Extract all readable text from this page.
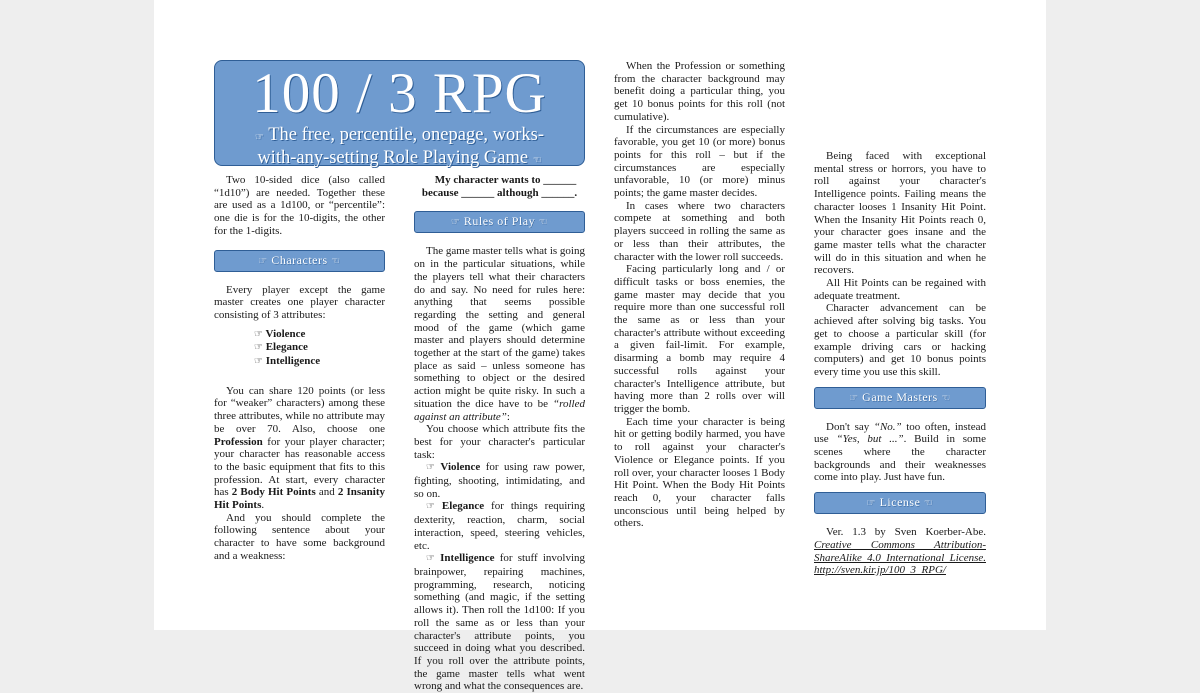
100 / 3 RPG
☞ The free, percentile, onepage, works-
with-any-setting Role Playing Game ☜

Two 10-sided dice (also called “1d10”) are needed. Together these are used as a 1d100, or “percentile”: one die is for the 10-digits, the other for the 1-digits.

☞ Characters ☜

Every player except the game master creates one player character consisting of 3 attributes:

☞ Violence
☞ Elegance
☞ Intelligence

You can share 120 points (or less for “weaker” characters) among these three attributes, while no attribute may be over 70. Also, choose one Profession for your player character; your character has reasonable access to the basic equipment that fits to this profession. At start, every character has 2 Body Hit Points and 2 Insanity Hit Points.

And you should complete the following sentence about your character to have some background and a weakness:

My character wants to ______ because ______ although ______.

☞ Rules of Play ☜

The game master tells what is going on in the particular situations, while the players tell what their characters do and say. No need for rules here: anything that seems possible regarding the setting and general mood of the game (which game master and players should determine together at the start of the game) takes place as said – unless someone has something to object or the desired action might be quite risky. In such a situation the dice have to be “rolled against an attribute”:

You choose which attribute fits the best for your character's particular task:

☞ Violence for using raw power, fighting, shooting, intimidating, and so on.

☞ Elegance for things requiring dexterity, reaction, charm, social interaction, speed, steering vehicles, etc.

☞ Intelligence for stuff involving brainpower, repairing machines, programming, research, noticing something (and magic, if the setting allows it). Then roll the 1d100: If you roll the same as or less than your character's attribute points, you succeed in doing what you described. If you roll over the attribute points, the game master tells what went wrong and what the consequences are.

When the Profession or something from the character background may benefit doing a particular thing, you get 10 bonus points for this roll (not cumulative).

If the circumstances are especially favorable, you get 10 (or more) bonus points for this roll – but if the circumstances are especially unfavorable, 10 (or more) minus points; the game master decides.

In cases where two characters compete at something and both players succeed in rolling the same as or less than their attributes, the character with the lower roll succeeds.

Facing particularly long and / or difficult tasks or boss enemies, the game master may decide that you require more than one successful roll the same as or less than your character's attribute without exceeding a given fail-limit. For example, disarming a bomb may require 4 successful rolls against your character's Intelligence attribute, but having more than 2 rolls over will trigger the bomb.

Each time your character is being hit or getting bodily harmed, you have to roll against your character's Violence or Elegance points. If you roll over, your character looses 1 Body Hit Point. When the Body Hit Points reach 0, your character falls unconscious until being helped by others.

Being faced with exceptional mental stress or horrors, you have to roll against your character's Intelligence points. Failing means the character looses 1 Insanity Hit Point. When the Insanity Hit Points reach 0, your character goes insane and the game master tells what the character will do in this situation and when he recovers.

All Hit Points can be regained with adequate treatment.

Character advancement can be achieved after solving big tasks. You get to choose a particular skill (for example driving cars or hacking computers) and get 10 bonus points every time you use this skill.

☞ Game Masters ☜

Don't say “No.” too often, instead use “Yes, but ...”. Build in some scenes where the character backgrounds and their weaknesses come into play. Just have fun.

☞ License ☜

Ver. 1.3 by Sven Koerber-Abe. Creative Commons Attribution-ShareAlike 4.0 International License. http://sven.kir.jp/100_3_RPG/
